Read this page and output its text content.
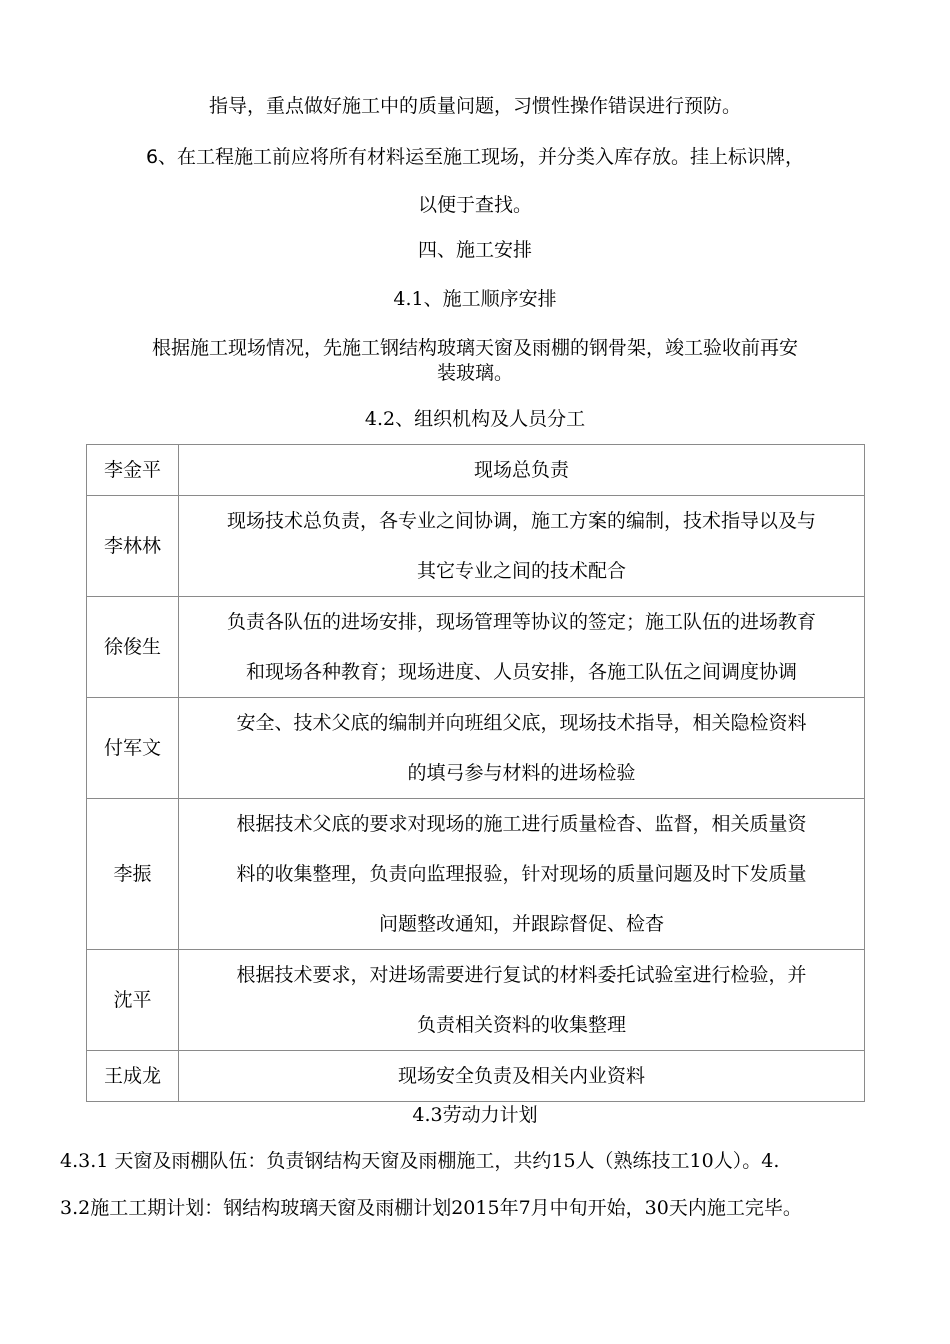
指导，重点做好施工中的质量问题，习惯性操作错误进行预防。
6、在工程施工前应将所有材料运至施工现场，并分类入库存放。挂上标识牌，
以便于查找。
四、施工安排
4.1、施工顺序安排
根据施工现场情况，先施工钢结构玻璃天窗及雨棚的钢骨架，竣工验收前再安
装玻璃。
4.2、组织机构及人员分工
李金平	现场总负责

李林林	现场技术总负责，各专业之间协调，施工方案的编制，技术指导以及与
其它专业之间的技术配合

徐俊生	负责各队伍的进场安排，现场管理等协议的签定；施工队伍的进场教育
和现场各种教育；现场进度、人员安排，各施工队伍之间调度协调

付军文	安全、技术父底的编制并向班组父底，现场技术指导，相关隐检资料
的填弓参与材料的进场检验

李振	根据技术父底的要求对现场的施工进行质量检杳、监督，相关质量资
料的收集整理，负责向监理报验，针对现场的质量问题及时下发质量
问题整改通知，并跟踪督促、检杳

沈平	根据技术要求，对进场需要进行复试的材料委托试验室进行检验，并
负责相关资料的收集整理

王成龙	现场安全负责及相关内业资料
4.3劳动力计划
4.3.1 天窗及雨棚队伍：负责钢结构天窗及雨棚施工，共约15人（熟练技工10人）。4.
3.2施工工期计划：钢结构玻璃天窗及雨棚计划2015年7月中旬开始，30天内施工完毕。
